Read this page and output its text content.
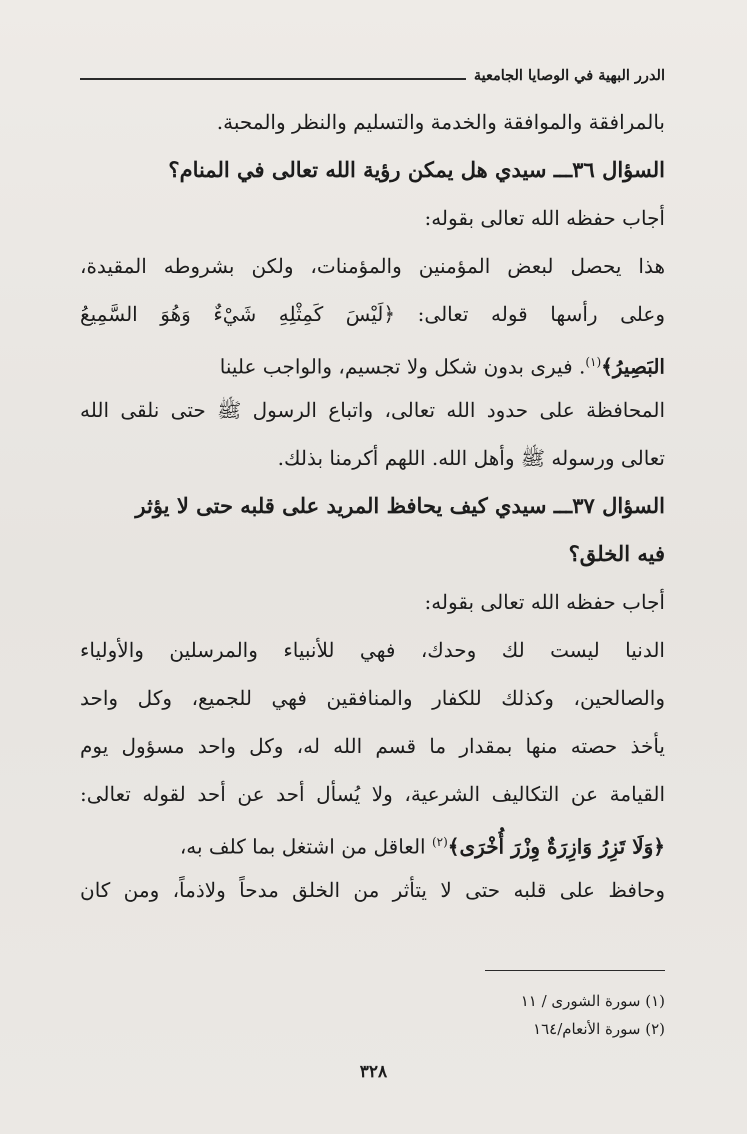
الدرر البهية في الوصايا الجامعية
بالمرافقة والموافقة والخدمة والتسليم والنظر والمحبة.
السؤال ٣٦ـــ سيدي هل يمكن رؤية الله تعالى في المنام؟
أجاب حفظه الله تعالى بقوله:
هذا يحصل لبعض المؤمنين والمؤمنات، ولكن بشروطه المقيدة،
وعلى رأسها قوله تعالى: ﴿لَيْسَ كَمِثْلِهِ شَيْءٌ وَهُوَ السَّمِيعُ
البَصِيرُ﴾$^{(١)}$. فيرى بدون شكل ولا تجسيم، والواجب علينا
المحافظة على حدود الله تعالى، واتباع الرسول ﷺ حتى نلقى الله
تعالى ورسوله ﷺ وأهل الله. اللهم أكرمنا بذلك.
السؤال ٣٧ـــ سيدي كيف يحافظ المريد على قلبه حتى لا يؤثر
فيه الخلق؟
أجاب حفظه الله تعالى بقوله:
الدنيا ليست لك وحدك، فهي للأنبياء والمرسلين والأولياء
والصالحين، وكذلك للكفار والمنافقين فهي للجميع، وكل واحد
يأخذ حصته منها بمقدار ما قسم الله له، وكل واحد مسؤول يوم
القيامة عن التكاليف الشرعية، ولا يُسأل أحد عن أحد لقوله تعالى:
﴿وَلَا تَزِرُ وَازِرَةٌ وِزْرَ أُخْرَى﴾$^{(٢)}$ العاقل من اشتغل بما كلف به،
وحافظ على قلبه حتى لا يتأثر من الخلق مدحاً ولاذماً، ومن كان
(١) سورة الشورى / ١١
(٢) سورة الأنعام/١٦٤
٣٢٨
